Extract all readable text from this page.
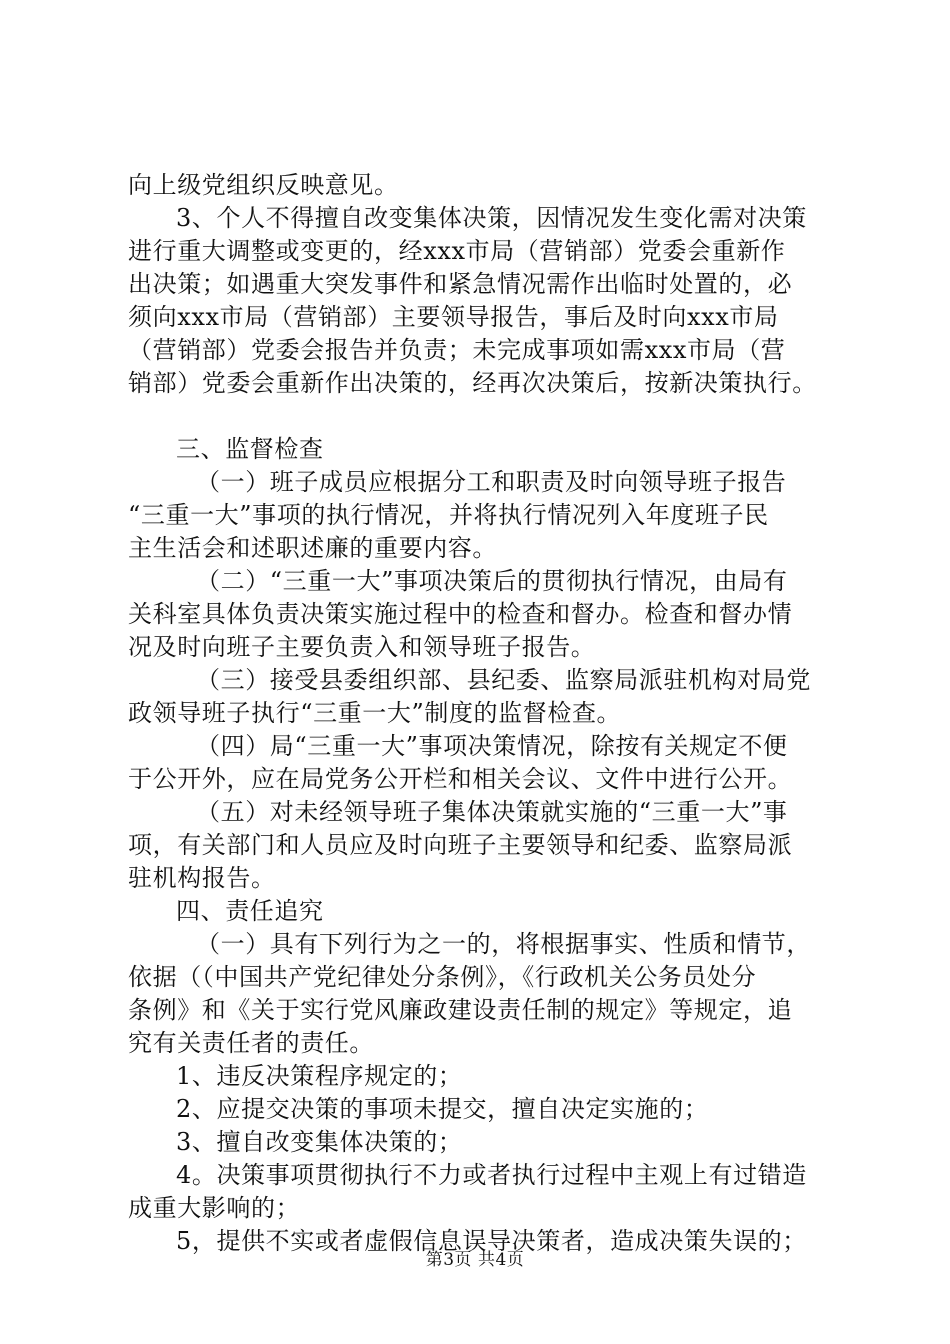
向上级党组织反映意见。
3、个人不得擅自改变集体决策，因情况发生变化需对决策
进行重大调整或变更的，经xxx市局（营销部）党委会重新作
出决策；如遇重大突发事件和紧急情况需作出临时处置的，必
须向xxx市局（营销部）主要领导报告，事后及时向xxx市局
（营销部）党委会报告并负责；未完成事项如需xxx市局（营
销部）党委会重新作出决策的，经再次决策后，按新决策执行。
三、监督检查
（一）班子成员应根据分工和职责及时向领导班子报告
“三重一大”事项的执行情况，并将执行情况列入年度班子民
主生活会和述职述廉的重要内容。
（二）“三重一大”事项决策后的贯彻执行情况，由局有
关科室具体负责决策实施过程中的检查和督办。检查和督办情
况及时向班子主要负责入和领导班子报告。
（三）接受县委组织部、县纪委、监察局派驻机构对局党
政领导班子执行“三重一大”制度的监督检查。
（四）局“三重一大”事项决策情况，除按有关规定不便
于公开外，应在局党务公开栏和相关会议、文件中进行公开。
（五）对未经领导班子集体决策就实施的“三重一大”事
项，有关部门和人员应及时向班子主要领导和纪委、监察局派
驻机构报告。
四、责任追究
（一）具有下列行为之一的，将根据事实、性质和情节，
依据（（中国共产党纪律处分条例》，《行政机关公务员处分
条例》和《关于实行党风廉政建设责任制的规定》等规定，追
究有关责任者的责任。
1、违反决策程序规定的；
2、应提交决策的事项未提交，擅自决定实施的；
3、擅自改变集体决策的；
4。决策事项贯彻执行不力或者执行过程中主观上有过错造
成重大影响的；
5，提供不实或者虚假信息误导决策者，造成决策失误的；
第3页 共4页
